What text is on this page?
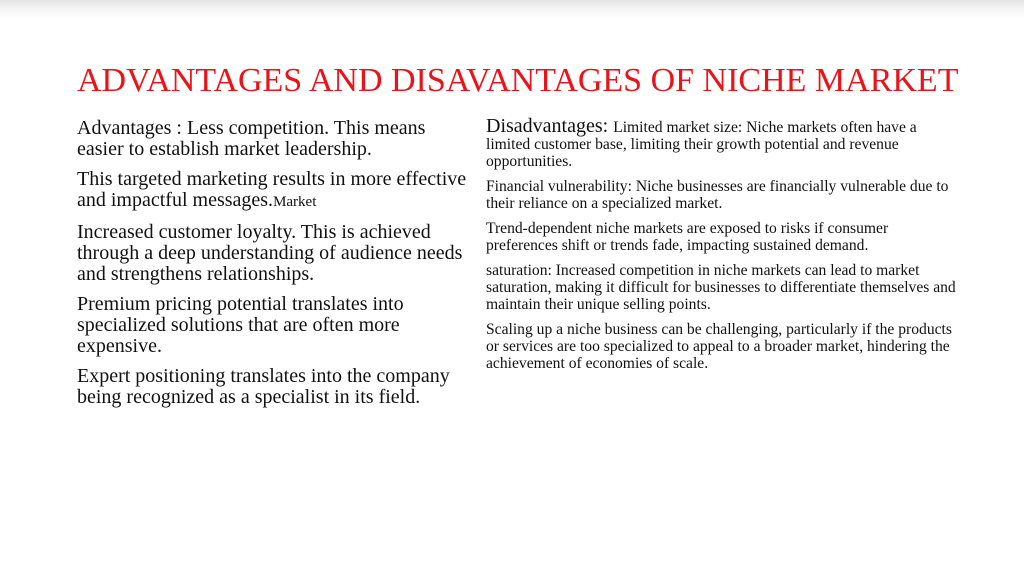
ADVANTAGES AND DISAVANTAGES OF NICHE MARKET

Advantages : Less competition. This means easier to establish market leadership.

This targeted marketing results in more effective and impactful messages.Market

Increased customer loyalty. This is achieved through a deep understanding of audience needs and strengthens relationships.

Premium pricing potential translates into specialized solutions that are often more expensive.

Expert positioning translates into the company being recognized as a specialist in its field.

Disadvantages: Limited market size: Niche markets often have a limited customer base, limiting their growth potential and revenue opportunities.

Financial vulnerability: Niche businesses are financially vulnerable due to their reliance on a specialized market.

Trend-dependent niche markets are exposed to risks if consumer preferences shift or trends fade, impacting sustained demand.

saturation: Increased competition in niche markets can lead to market saturation, making it difficult for businesses to differentiate themselves and maintain their unique selling points.

Scaling up a niche business can be challenging, particularly if the products or services are too specialized to appeal to a broader market, hindering the achievement of economies of scale.
